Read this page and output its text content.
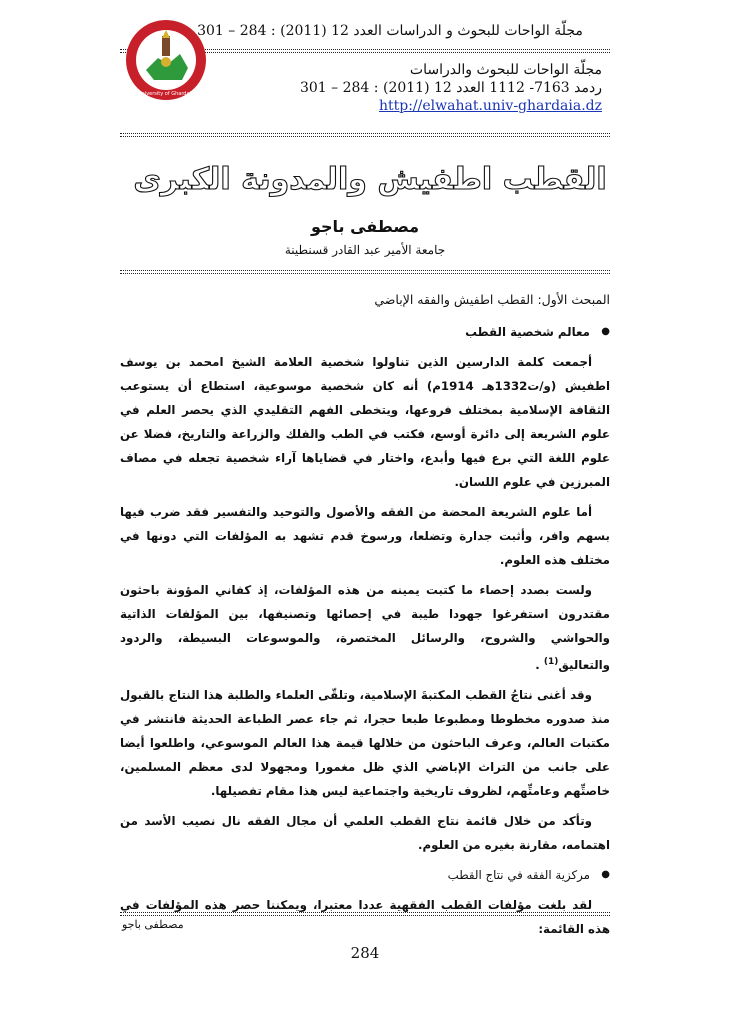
مجلّة الواحات للبحوث و الدراسات العدد 12 (2011) : 284 – 301
University of Ghardaia
مجلّة الواحات للبحوث والدراسات
ردمد 7163- 1112 العدد 12 (2011) : 284 – 301
http://elwahat.univ-ghardaia.dz
القطب اطفيش والمدونة الكبرى
مصطفى باجو
جامعة الأمير عبد القادر قسنطينة
المبحث الأول: القطب اطفيش والفقه الإباضي
● معالم شخصية القطب

أجمعت كلمة الدارسين الذين تناولوا شخصية العلامة الشيخ امحمد بن يوسف اطفيش (و/ت1332هـ 1914م) أنه كان شخصية موسوعية، استطاع أن يستوعب الثقافة الإسلامية بمختلف فروعها، ويتخطى الفهم التقليدي الذي يحصر العلم في علوم الشريعة إلى دائرة أوسع، فكتب في الطب والفلك والزراعة والتاريخ، فضلا عن علوم اللغة التي برع فيها وأبدع، واختار في قضاياها آراء شخصية تجعله في مصاف المبرزين في علوم اللسان.

أما علوم الشريعة المحضة من الفقه والأصول والتوحيد والتفسير فقد ضرب فيها بسهم وافر، وأثبت جدارة وتضلعا، ورسوخ قدم تشهد به المؤلفات التي دونها في مختلف هذه العلوم.

ولست بصدد إحصاء ما كتبت يمينه من هذه المؤلفات، إذ كفاني المؤونة باحثون مقتدرون استفرغوا جهودا طيبة في إحصائها وتصنيفها، بين المؤلفات الذاتية والحواشي والشروح، والرسائل المختصرة، والموسوعات البسيطة، والردود والتعاليق$^{(1)}$ .

وقد أغنى نتاجُ القطب المكتبةَ الإسلامية، وتلقّى العلماء والطلبة هذا النتاج بالقبول منذ صدوره مخطوطا ومطبوعا طبعا حجرا، ثم جاء عصر الطباعة الحديثة فانتشر في مكتبات العالم، وعرف الباحثون من خلالها قيمة هذا العالم الموسوعي، واطلعوا أيضا على جانب من التراث الإباضي الذي ظل مغمورا ومجهولا لدى معظم المسلمين، خاصتِّهم وعامتِّهم، لظروف تاريخية واجتماعية ليس هذا مقام تفصيلها.

وتأكد من خلال قائمة نتاج القطب العلمي أن مجال الفقه نال نصيب الأسد من اهتمامه، مقارنة بغيره من العلوم.

● مركزية الفقه في نتاج القطب

لقد بلغت مؤلفات القطب الفقهية عددا معتبرا، ويمكننا حصر هذه المؤلفات في هذه القائمة:

مصطفى باجو
284
